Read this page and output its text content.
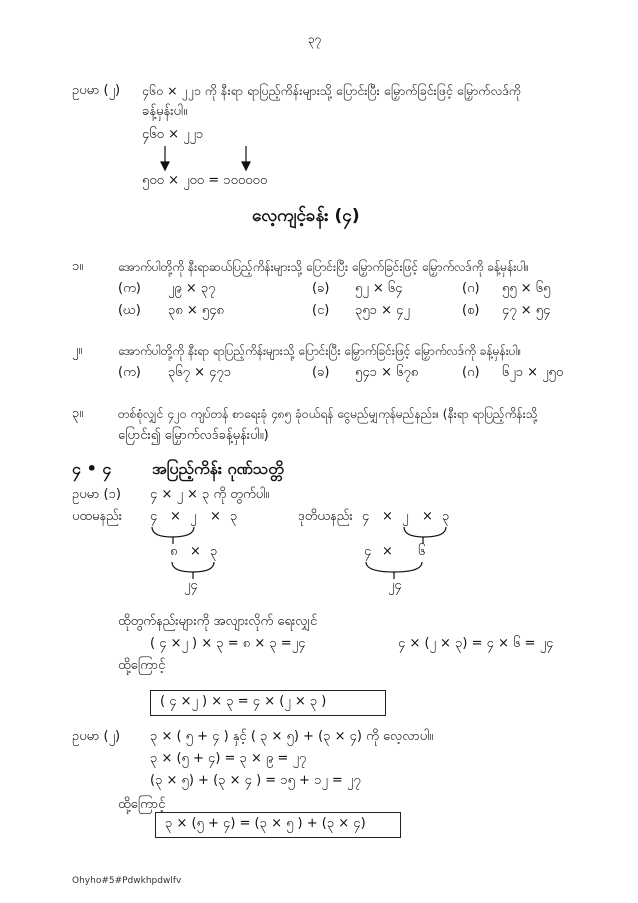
၃၇
ဥပမာ (၂) ၄၆၀ × ၂၂၁ ကို နီးရာ ရာပြည့်ကိန်းများသို့ ပြောင်းပြီး မြှောက်ခြင်းဖြင့် မြှောက်လဒ်ကို
ခန့်မှန်းပါ။
၄၆၀ × ၂၂၁
၅၀၀ × ၂၀၀ = ၁၀၀၀၀၀
လေ့ကျင့်ခန်း (၄)
၁။	အောက်ပါတို့ကို နီးရာဆယ်ပြည့်ကိန်းများသို့ ပြောင်းပြီး မြှောက်ခြင်းဖြင့် မြှောက်လဒ်ကို ခန့်မှန်းပါ။
(က) ၂၉ × ၃၇	(ခ) ၅၂ × ၆၄	(ဂ) ၅၅ × ၆၅
(ဃ) ၃၈ × ၅၄၈	(င) ၃၅၁ × ၄၂	(စ) ၄၇ × ၅၄
၂။	အောက်ပါတို့ကို နီးရာ ရာပြည့်ကိန်းများသို့ ပြောင်းပြီး မြှောက်ခြင်းဖြင့် မြှောက်လဒ်ကို ခန့်မှန်းပါ။
(က) ၃၆၇ × ၄၇၁	(ခ) ၅၄၁ × ၆၇၈	(ဂ) ၆၂၁ × ၂၅၀
၃။	တစ်စုံလျှင် ၄၂၀ ကျပ်တန် စာရေးခုံ ၄၈၅ ခုံဝယ်ရန် ငွေမည်မျှကုန်မည်နည်း။ (နီးရာ ရာပြည့်ကိန်းသို့
ပြောင်း၍ မြှောက်လဒ်ခန့်မှန်းပါ။)
၄ • ၄	အပြည့်ကိန်း ဂုဏ်သတ္တိ
ဥပမာ (၁) ၄ × ၂ × ၃ ကို တွက်ပါ။
ပထမနည်း ၄ × ၂ × ၃
၈ × ၃
၂၄
ဒုတိယနည်း ၄ × ၂ × ၃
၄ × ၆
၂၄
ထိုတွက်နည်းများကို အလျားလိုက် ရေးလျှင်
( ၄ ×၂ ) × ၃ = ၈ × ၃ =၂၄	၄ × (၂ × ၃) = ၄ × ၆ = ၂၄
ထို့ကြောင့်
( ၄ ×၂ ) × ၃ = ၄ × (၂ × ၃ )
ဥပမာ (၂) ၃ × ( ၅ + ၄ ) နှင့် ( ၃ × ၅) + (၃ × ၄) ကို လေ့လာပါ။
၃ × (၅ + ၄) = ၃ × ၉ = ၂၇
(၃ × ၅) + (၃ × ၄ ) = ၁၅ + ၁၂ = ၂၇
ထို့ကြောင့်
၃ × (၅ + ၄) = (၃ × ၅ ) + (၃ × ၄)
Ohyho#5#Pdwkhpdwlfv
